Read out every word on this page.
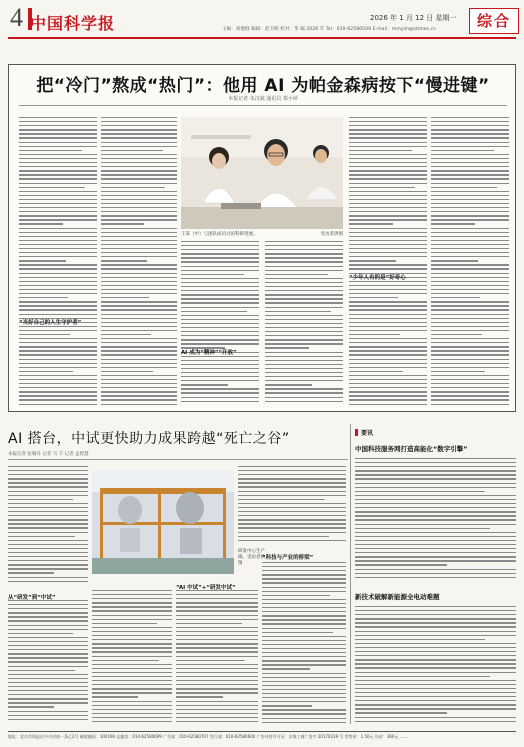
4 中国科学报	2026 年 1 月 12 日 星期一
主编：刘德群 编辑：赵卫辉 校对：华 编 2026 年 Tel：010-62580509 E-mail：mmyzh@stimes.cn	综合
把“冷门”熬成“热门”：他用 AI 为帕金森病按下“慢进键”
本报记者 朱汉斌 通讯员 郑小萍
王某（中）与团队成员讨论科研进展。	受访者供图
“当好自己的人生守护者”
“少年人有的是”好奇心
AI 成为“精神”“开放”
AI 搭台，中试更快助力成果跨越“死亡之谷”
本报记者 张晴丹 记者 马 千 记者 孟智慧
研发中心生产线。受访者供图
从“研发”到“中试”
“AI 中试”+“研发中试”
“科技与产业的桥梁”
要讯
中国科技服务网打造高能化“数字引擎”
新技术破解新能源全电动难题
地址：北京市海淀区中关村南一条乙2号 邮政编码：100190 总编室：010-62580699 广告部：010-62580707 发行部：010-62580600 广告经营许可证：京海工商广登字 20170239 号 零售价：1.50元 年价：360元 ……
